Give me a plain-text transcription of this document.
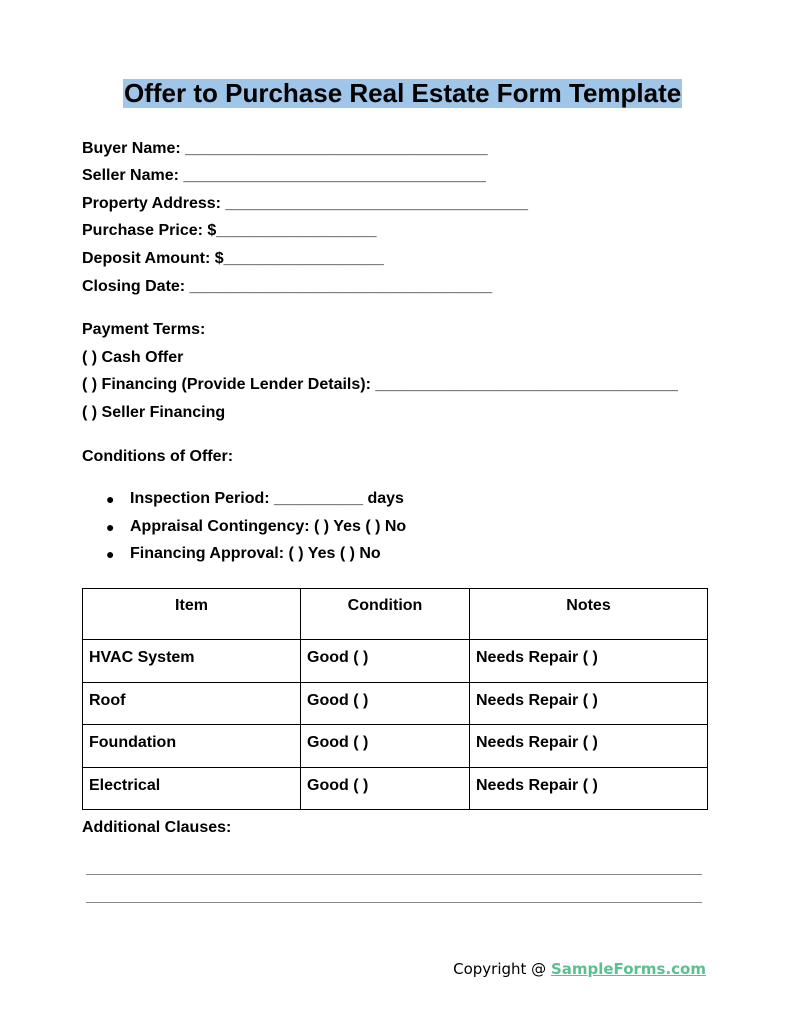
Offer to Purchase Real Estate Form Template
Buyer Name: __________________________________
Seller Name: __________________________________
Property Address: __________________________________
Purchase Price: $__________________
Deposit Amount: $__________________
Closing Date: __________________________________
Payment Terms:
( ) Cash Offer
( ) Financing (Provide Lender Details): __________________________________
( ) Seller Financing
Conditions of Offer:
● Inspection Period: __________ days
● Appraisal Contingency: ( ) Yes ( ) No
● Financing Approval: ( ) Yes ( ) No
Item	Condition	Notes
HVAC System	Good ( )	Needs Repair ( )
Roof	Good ( )	Needs Repair ( )
Foundation	Good ( )	Needs Repair ( )
Electrical	Good ( )	Needs Repair ( )
Additional Clauses:
Copyright @ SampleForms.com
